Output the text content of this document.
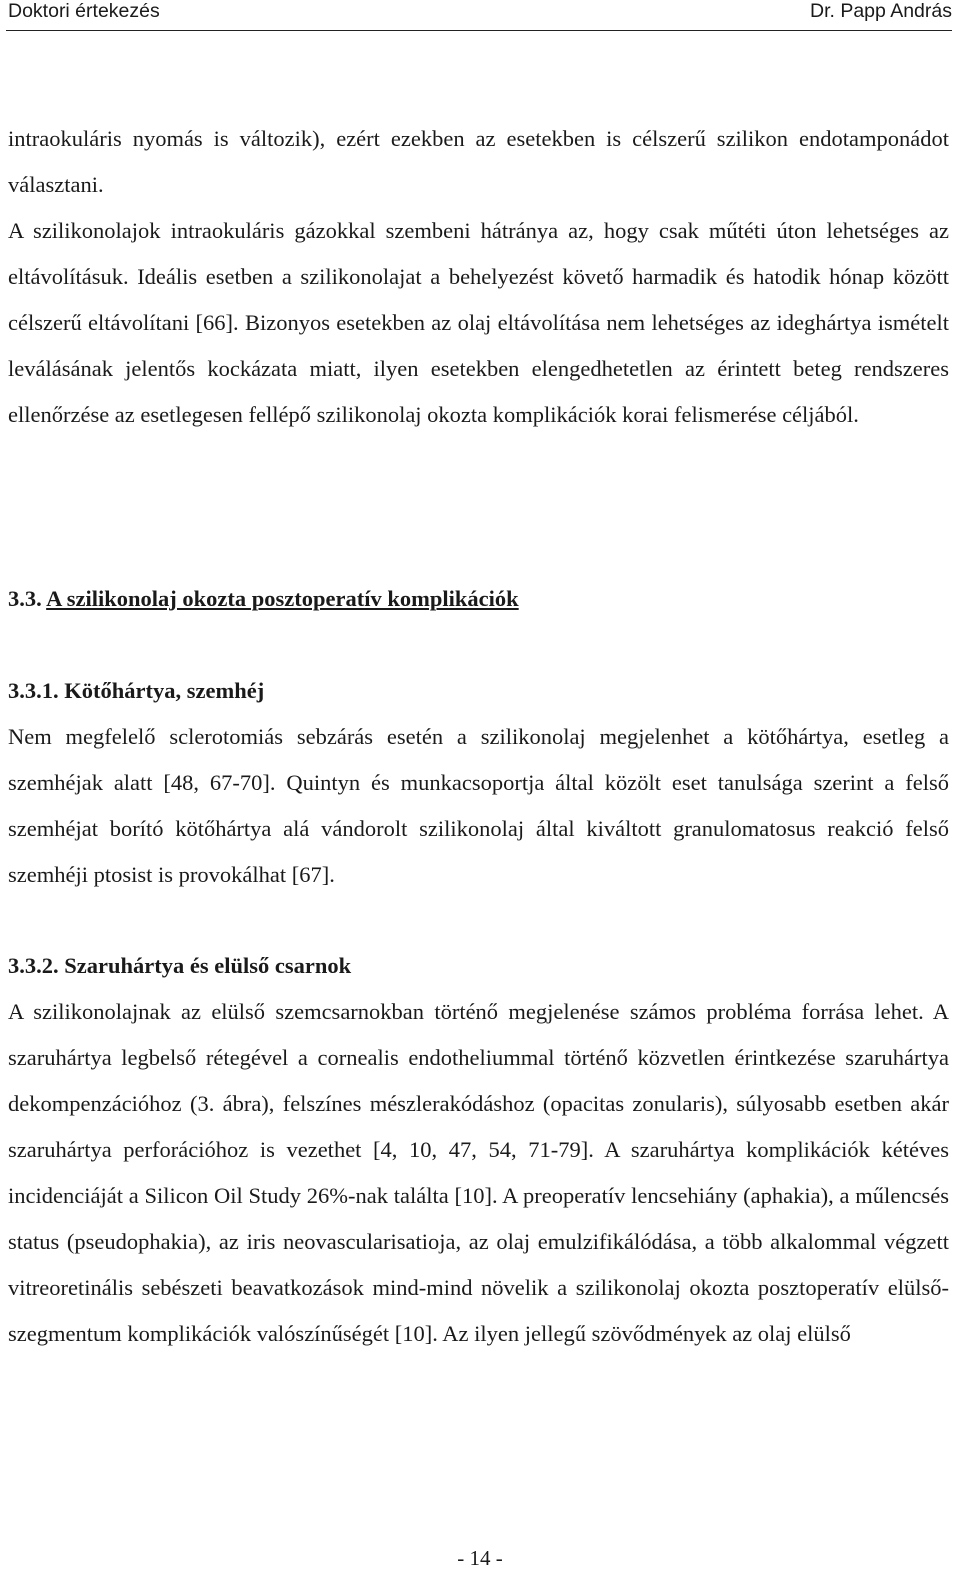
Doktori értekezés	Dr. Papp András

intraokuláris nyomás is változik), ezért ezekben az esetekben is célszerű szilikon endotamponádot választani.

A szilikonolajok intraokuláris gázokkal szembeni hátránya az, hogy csak műtéti úton lehetséges az eltávolításuk. Ideális esetben a szilikonolajat a behelyezést követő harmadik és hatodik hónap között célszerű eltávolítani [66]. Bizonyos esetekben az olaj eltávolítása nem lehetséges az ideghártya ismételt leválásának jelentős kockázata miatt, ilyen esetekben elengedhetetlen az érintett beteg rendszeres ellenőrzése az esetlegesen fellépő szilikonolaj okozta komplikációk korai felismerése céljából.

3.3. A szilikonolaj okozta posztoperatív komplikációk
3.3.1. Kötőhártya, szemhéj

Nem megfelelő sclerotomiás sebzárás esetén a szilikonolaj megjelenhet a kötőhártya, esetleg a szemhéjak alatt [48, 67-70]. Quintyn és munkacsoportja által közölt eset tanulsága szerint a felső szemhéjat borító kötőhártya alá vándorolt szilikonolaj által kiváltott granulomatosus reakció felső szemhéji ptosist is provokálhat [67].

3.3.2. Szaruhártya és elülső csarnok

A szilikonolajnak az elülső szemcsarnokban történő megjelenése számos probléma forrása lehet. A szaruhártya legbelső rétegével a cornealis endotheliummal történő közvetlen érintkezése szaruhártya dekompenzációhoz (3. ábra), felszínes mészlerakódáshoz (opacitas zonularis), súlyosabb esetben akár szaruhártya perforációhoz is vezethet [4, 10, 47, 54, 71-79]. A szaruhártya komplikációk kétéves incidenciáját a Silicon Oil Study 26%-nak találta [10]. A preoperatív lencsehiány (aphakia), a műlencsés status (pseudophakia), az iris neovascularisatioja, az olaj emulzifikálódása, a több alkalommal végzett vitreoretinális sebészeti beavatkozások mind-mind növelik a szilikonolaj okozta posztoperatív elülső-szegmentum komplikációk valószínűségét [10]. Az ilyen jellegű szövődmények az olaj elülső

- 14 -
